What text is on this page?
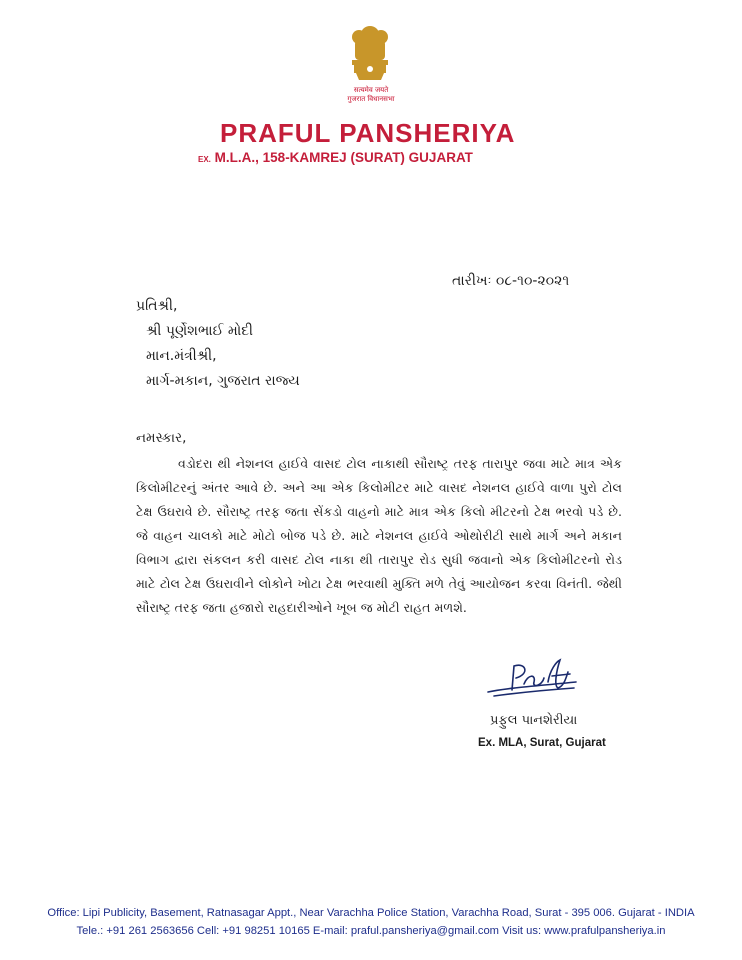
सत्यमेव जयते
गुजरात विधानसभा
PRAFUL PANSHERIYA
EX. M.L.A., 158-KAMREJ (SURAT) GUJARAT
તારીખઃ ૦૮-૧૦-૨૦૨૧
પ્રતિશ્રી,
શ્રી પૂર્ણેશભાઈ મોદી
માન.મંત્રીશ્રી,
માર્ગ-મકાન, ગુજરાત રાજ્ય
નમસ્કાર,
વડોદરા થી નેશનલ હાઈવે વાસદ ટોલ નાકાથી સૌરાષ્ટ્ર તરફ તારાપુર જવા માટે માત્ર એક કિલોમીટરનું અંતર આવે છે. અને આ એક કિલોમીટર માટે વાસદ નેશનલ હાઈવે વાળા પુરો ટોલ ટેક્ષ ઉઘરાવે છે. સૌરાષ્ટ્ર તરફ જતા સેંકડો વાહનો માટે માત્ર એક કિલો મીટરનો ટેક્ષ ભરવો પડે છે. જે વાહન ચાલકો માટે મોટો બોજ પડે છે. માટે નેશનલ હાઈવે ઓથોરીટી સાથે માર્ગ અને મકાન વિભાગ દ્વારા સંકલન કરી વાસદ ટોલ નાકા થી તારાપુર રોડ સુધી જવાનો એક કિલોમીટરનો રોડ માટે ટોલ ટેક્ષ ઉઘરાવીને લોકોને ખોટા ટેક્ષ ભરવાથી મુક્તિ મળે તેવું આયોજન કરવા વિનંતી. જેથી સૌરાષ્ટ્ર તરફ જતા હજારો રાહદારીઓને ખૂબ જ મોટી રાહત મળશે.
પ્રફુલ પાનશેરીયા
Ex. MLA, Surat, Gujarat
Office: Lipi Publicity, Basement, Ratnasagar Appt., Near Varachha Police Station, Varachha Road, Surat - 395 006. Gujarat - INDIA
Tele.: +91 261 2563656 Cell: +91 98251 10165 E-mail: praful.pansheriya@gmail.com Visit us: www.prafulpansheriya.in
